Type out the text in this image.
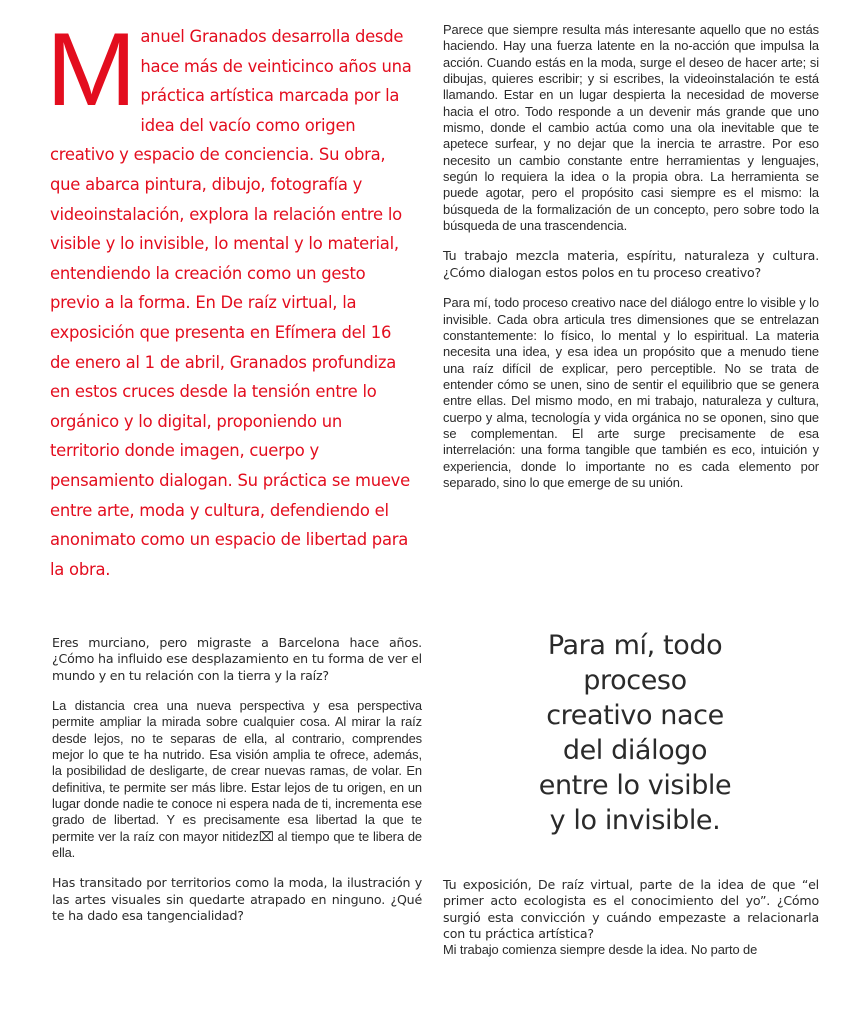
M anuel Granados desarrolla desde hace más de veinticinco años una práctica artística marcada por la idea del vacío como origen creativo y espacio de conciencia. Su obra, que abarca pintura, dibujo, fotografía y videoinstalación, explora la relación entre lo visible y lo invisible, lo mental y lo material, entendiendo la creación como un gesto previo a la forma. En De raíz virtual, la exposición que presenta en Efímera del 16 de enero al 1 de abril, Granados profundiza en estos cruces desde la tensión entre lo orgánico y lo digital, proponiendo un territorio donde imagen, cuerpo y pensamiento dialogan. Su práctica se mueve entre arte, moda y cultura, defendiendo el anonimato como un espacio de libertad para la obra.

Parece que siempre resulta más interesante aquello que no estás haciendo. Hay una fuerza latente en la no-acción que impulsa la acción. Cuando estás en la moda, surge el deseo de hacer arte; si dibujas, quieres escribir; y si escribes, la videoinstalación te está llamando. Estar en un lugar despierta la necesidad de moverse hacia el otro. Todo responde a un devenir más grande que uno mismo, donde el cambio actúa como una ola inevitable que te apetece surfear, y no dejar que la inercia te arrastre. Por eso necesito un cambio constante entre herramientas y lenguajes, según lo requiera la idea o la propia obra. La herramienta se puede agotar, pero el propósito casi siempre es el mismo: la búsqueda de la formalización de un concepto, pero sobre todo la búsqueda de una trascendencia.

Tu trabajo mezcla materia, espíritu, naturaleza y cultura. ¿Cómo dialogan estos polos en tu proceso creativo?

Para mí, todo proceso creativo nace del diálogo entre lo visible y lo invisible. Cada obra articula tres dimensiones que se entrelazan constantemente: lo físico, lo mental y lo espiritual. La materia necesita una idea, y esa idea un propósito que a menudo tiene una raíz difícil de explicar, pero perceptible. No se trata de entender cómo se unen, sino de sentir el equilibrio que se genera entre ellas. Del mismo modo, en mi trabajo, naturaleza y cultura, cuerpo y alma, tecnología y vida orgánica no se oponen, sino que se complementan. El arte surge precisamente de esa interrelación: una forma tangible que también es eco, intuición y experiencia, donde lo importante no es cada elemento por separado, sino lo que emerge de su unión.

Eres murciano, pero migraste a Barcelona hace años. ¿Cómo ha influido ese desplazamiento en tu forma de ver el mundo y en tu relación con la tierra y la raíz?

La distancia crea una nueva perspectiva y esa perspectiva permite ampliar la mirada sobre cualquier cosa. Al mirar la raíz desde lejos, no te separas de ella, al contrario, comprendes mejor lo que te ha nutrido. Esa visión amplia te ofrece, además, la posibilidad de desligarte, de crear nuevas ramas, de volar. En definitiva, te permite ser más libre. Estar lejos de tu origen, en un lugar donde nadie te conoce ni espera nada de ti, incrementa ese grado de libertad. Y es precisamente esa libertad la que te permite ver la raíz con mayor nitidez⌧ al tiempo que te libera de ella.

Has transitado por territorios como la moda, la ilustración y las artes visuales sin quedarte atrapado en ninguno. ¿Qué te ha dado esa tangencialidad?

Para mí, todo
proceso
creativo nace
del diálogo
entre lo visible
y lo invisible.

Tu exposición, De raíz virtual, parte de la idea de que “el primer acto ecologista es el conocimiento del yo”. ¿Cómo surgió esta convicción y cuándo empezaste a relacionarla con tu práctica artística?

Mi trabajo comienza siempre desde la idea. No parto de
